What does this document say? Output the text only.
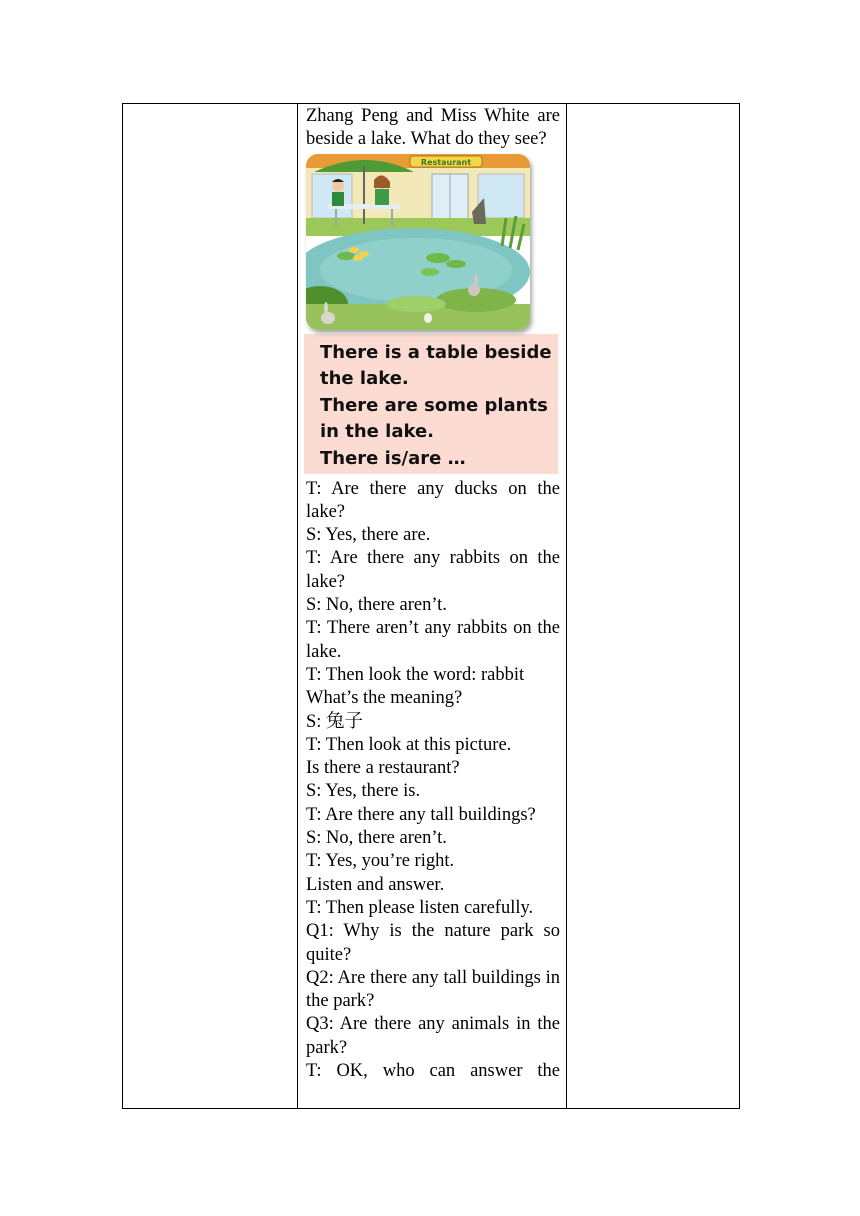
Zhang Peng and Miss White are beside a lake. What do they see?

Restaurant
There is a table beside
the lake.
There are some plants
in the lake.
There is/are …

T: Are there any ducks on the lake?

S: Yes, there are.

T: Are there any rabbits on the lake?

S: No, there aren’t.

T: There aren’t any rabbits on the lake.

T: Then look the word: rabbit

What’s the meaning?

S: 兔子

T: Then look at this picture.

Is there a restaurant?

S: Yes, there is.

T: Are there any tall buildings?

S: No, there aren’t.

T: Yes, you’re right.

Listen and answer.

T: Then please listen carefully.

Q1: Why is the nature park so quite?

Q2: Are there any tall buildings in the park?

Q3: Are there any animals in the park?

T: OK, who can answer the
